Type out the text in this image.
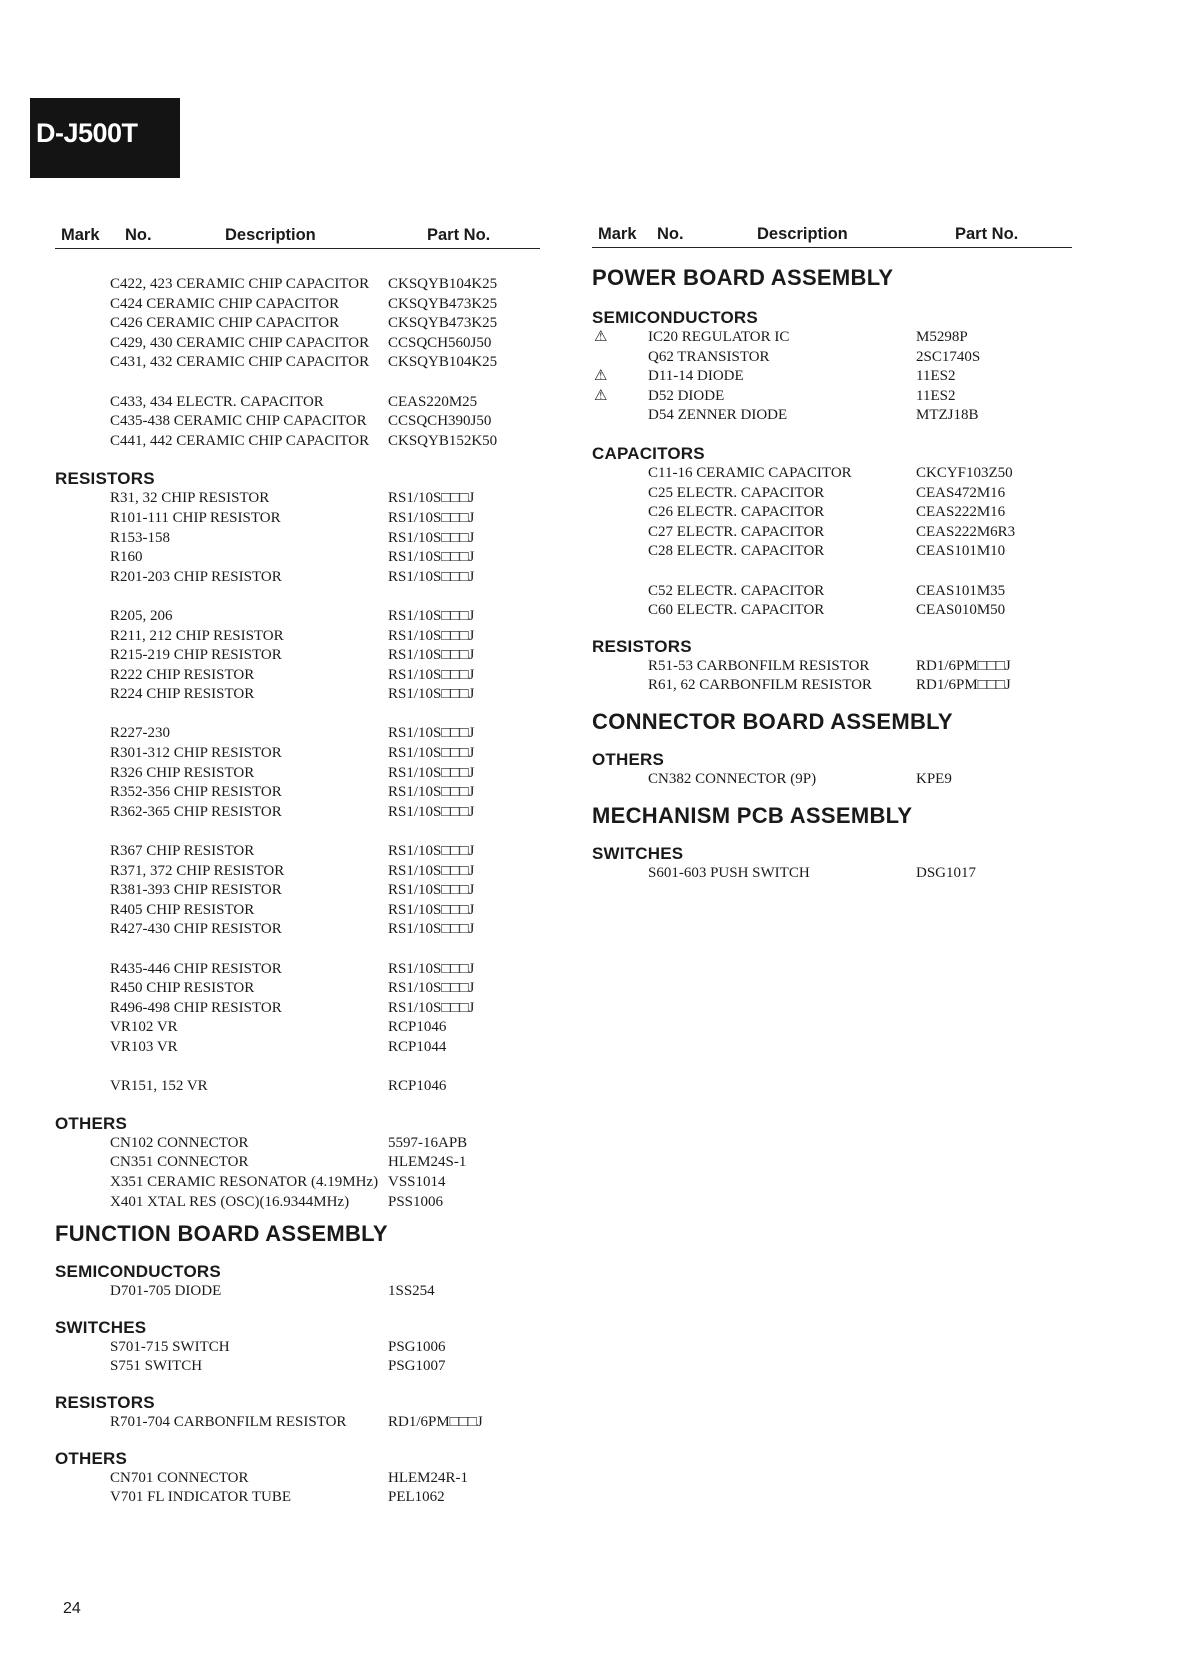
D-J500T
Mark No.	Description	Part No.
C422, 423 CERAMIC CHIP CAPACITOR CKSQYB104K25
C424 CERAMIC CHIP CAPACITOR	CKSQYB473K25
C426 CERAMIC CHIP CAPACITOR	CKSQYB473K25
C429, 430 CERAMIC CHIP CAPACITOR CCSQCH560J50
C431, 432 CERAMIC CHIP CAPACITOR CKSQYB104K25
C433, 434 ELECTR. CAPACITOR	CEAS220M25
C435-438 CERAMIC CHIP CAPACITOR CCSQCH390J50
C441, 442 CERAMIC CHIP CAPACITOR CKSQYB152K50
RESISTORS
R31, 32 CHIP RESISTOR	RS1/10S□□□J
R101-111 CHIP RESISTOR	RS1/10S□□□J
R153-158	RS1/10S□□□J
R160	RS1/10S□□□J
R201-203 CHIP RESISTOR	RS1/10S□□□J
R205, 206	RS1/10S□□□J
R211, 212 CHIP RESISTOR	RS1/10S□□□J
R215-219 CHIP RESISTOR	RS1/10S□□□J
R222 CHIP RESISTOR	RS1/10S□□□J
R224 CHIP RESISTOR	RS1/10S□□□J
R227-230	RS1/10S□□□J
R301-312 CHIP RESISTOR	RS1/10S□□□J
R326 CHIP RESISTOR	RS1/10S□□□J
R352-356 CHIP RESISTOR	RS1/10S□□□J
R362-365 CHIP RESISTOR	RS1/10S□□□J
R367 CHIP RESISTOR	RS1/10S□□□J
R371, 372 CHIP RESISTOR	RS1/10S□□□J
R381-393 CHIP RESISTOR	RS1/10S□□□J
R405 CHIP RESISTOR	RS1/10S□□□J
R427-430 CHIP RESISTOR	RS1/10S□□□J
R435-446 CHIP RESISTOR	RS1/10S□□□J
R450 CHIP RESISTOR	RS1/10S□□□J
R496-498 CHIP RESISTOR	RS1/10S□□□J
VR102 VR	RCP1046
VR103 VR	RCP1044
VR151, 152 VR	RCP1046
OTHERS
CN102 CONNECTOR	5597-16APB
CN351 CONNECTOR	HLEM24S-1
X351 CERAMIC RESONATOR (4.19MHz) VSS1014
X401 XTAL RES (OSC)(16.9344MHz)	PSS1006
FUNCTION BOARD ASSEMBLY
SEMICONDUCTORS
D701-705 DIODE	1SS254
SWITCHES
S701-715 SWITCH	PSG1006
S751 SWITCH	PSG1007
RESISTORS
R701-704 CARBONFILM RESISTOR	RD1/6PM□□□J
OTHERS
CN701 CONNECTOR	HLEM24R-1
V701 FL INDICATOR TUBE	PEL1062
Mark No.	Description	Part No.
POWER BOARD ASSEMBLY
SEMICONDUCTORS
⚠	IC20 REGULATOR IC	M5298P
Q62 TRANSISTOR	2SC1740S
⚠	D11-14 DIODE	11ES2
⚠	D52 DIODE	11ES2
D54 ZENNER DIODE	MTZJ18B
CAPACITORS
C11-16 CERAMIC CAPACITOR	CKCYF103Z50
C25 ELECTR. CAPACITOR	CEAS472M16
C26 ELECTR. CAPACITOR	CEAS222M16
C27 ELECTR. CAPACITOR	CEAS222M6R3
C28 ELECTR. CAPACITOR	CEAS101M10
C52 ELECTR. CAPACITOR	CEAS101M35
C60 ELECTR. CAPACITOR	CEAS010M50
RESISTORS
R51-53 CARBONFILM RESISTOR	RD1/6PM□□□J
R61, 62 CARBONFILM RESISTOR	RD1/6PM□□□J
CONNECTOR BOARD ASSEMBLY
OTHERS
CN382 CONNECTOR (9P)	KPE9
MECHANISM PCB ASSEMBLY
SWITCHES
S601-603 PUSH SWITCH	DSG1017
24
